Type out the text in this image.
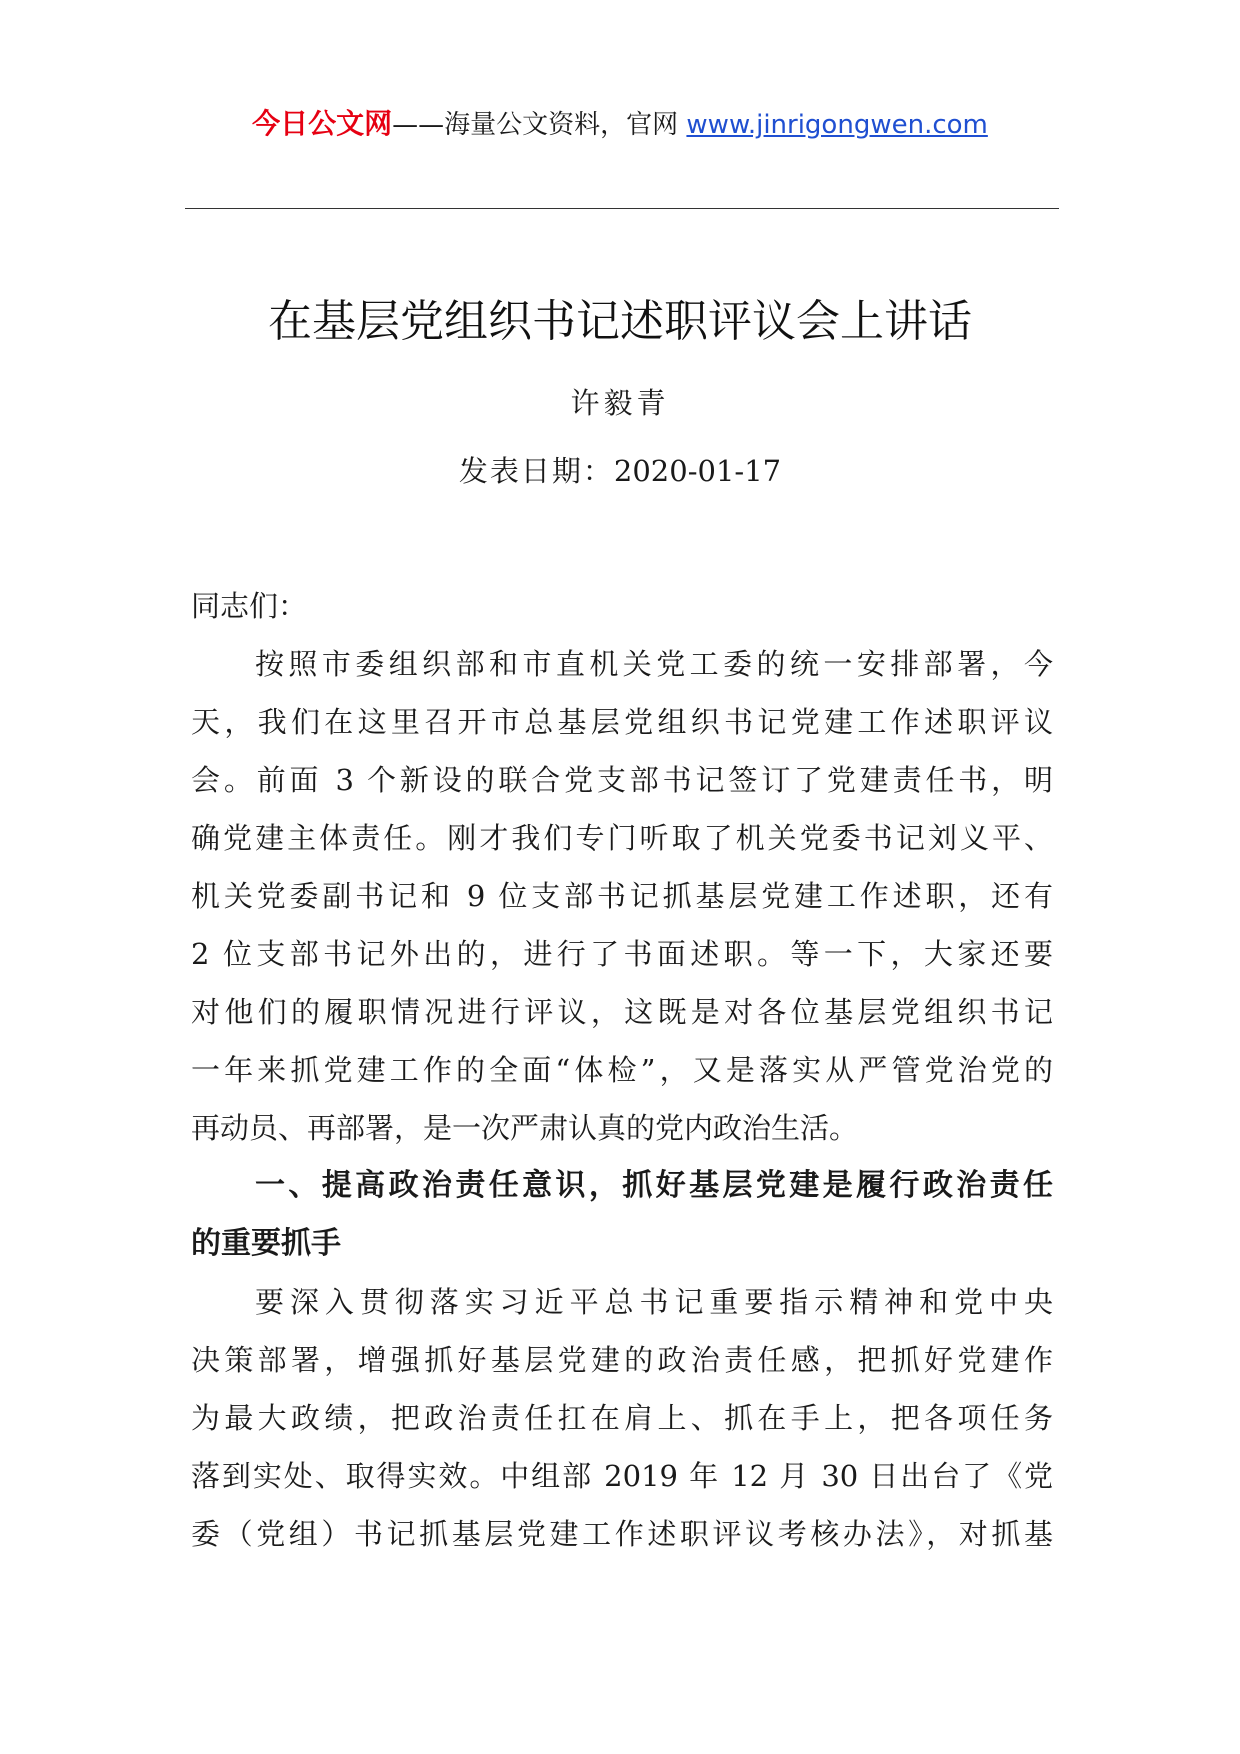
今日公文网——海量公文资料，官网 www.jinrigongwen.com
在基层党组织书记述职评议会上讲话
许毅青
发表日期：2020-01-17
同志们：
按照市委组织部和市直机关党工委的统一安排部署，今
天，我们在这里召开市总基层党组织书记党建工作述职评议
会。前面 3 个新设的联合党支部书记签订了党建责任书，明
确党建主体责任。刚才我们专门听取了机关党委书记刘义平、
机关党委副书记和 9 位支部书记抓基层党建工作述职，还有
2 位支部书记外出的，进行了书面述职。等一下，大家还要
对他们的履职情况进行评议，这既是对各位基层党组织书记
一年来抓党建工作的全面“体检”，又是落实从严管党治党的
再动员、再部署，是一次严肃认真的党内政治生活。
一、提高政治责任意识，抓好基层党建是履行政治责任
的重要抓手
要深入贯彻落实习近平总书记重要指示精神和党中央
决策部署，增强抓好基层党建的政治责任感，把抓好党建作
为最大政绩，把政治责任扛在肩上、抓在手上，把各项任务
落到实处、取得实效。中组部 2019 年 12 月 30 日出台了《党
委（党组）书记抓基层党建工作述职评议考核办法》，对抓基
